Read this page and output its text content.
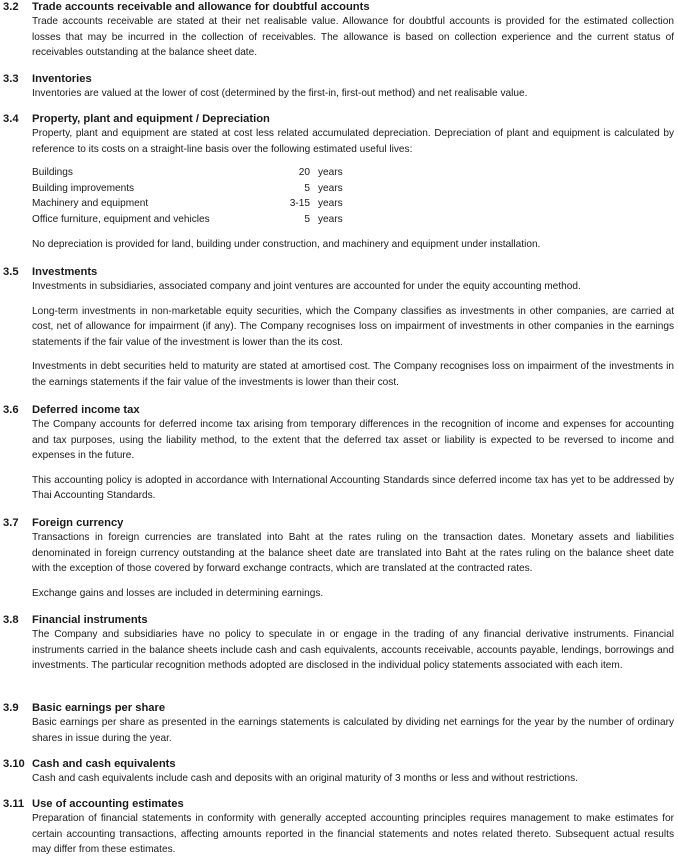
3.2	Trade accounts receivable and allowance for doubtful accounts

Trade accounts receivable are stated at their net realisable value. Allowance for doubtful accounts is provided for the estimated collection losses that may be incurred in the collection of receivables. The allowance is based on collection experience and the current status of receivables outstanding at the balance sheet date.

3.3	Inventories

Inventories are valued at the lower of cost (determined by the first-in, first-out method) and net realisable value.

3.4	Property, plant and equipment / Depreciation

Property, plant and equipment are stated at cost less related accumulated depreciation. Depreciation of plant and equipment is calculated by reference to its costs on a straight-line basis over the following estimated useful lives:

Buildings	20	years
Building improvements	5	years
Machinery and equipment	3-15	years
Office furniture, equipment and vehicles	5	years

No depreciation is provided for land, building under construction, and machinery and equipment under installation.

3.5	Investments

Investments in subsidiaries, associated company and joint ventures are accounted for under the equity accounting method.

Long-term investments in non-marketable equity securities, which the Company classifies as investments in other companies, are carried at cost, net of allowance for impairment (if any). The Company recognises loss on impairment of investments in other companies in the earnings statements if the fair value of the investment is lower than the its cost.

Investments in debt securities held to maturity are stated at amortised cost. The Company recognises loss on impairment of the investments in the earnings statements if the fair value of the investments is lower than their cost.

3.6	Deferred income tax

The Company accounts for deferred income tax arising from temporary differences in the recognition of income and expenses for accounting and tax purposes, using the liability method, to the extent that the deferred tax asset or liability is expected to be reversed to income and expenses in the future.

This accounting policy is adopted in accordance with International Accounting Standards since deferred income tax has yet to be addressed by Thai Accounting Standards.

3.7	Foreign currency

Transactions in foreign currencies are translated into Baht at the rates ruling on the transaction dates. Monetary assets and liabilities denominated in foreign currency outstanding at the balance sheet date are translated into Baht at the rates ruling on the balance sheet date with the exception of those covered by forward exchange contracts, which are translated at the contracted rates.

Exchange gains and losses are included in determining earnings.

3.8	Financial instruments

The Company and subsidiaries have no policy to speculate in or engage in the trading of any financial derivative instruments. Financial instruments carried in the balance sheets include cash and cash equivalents, accounts receivable, accounts payable, lendings, borrowings and investments. The particular recognition methods adopted are disclosed in the individual policy statements associated with each item.

3.9	Basic earnings per share

Basic earnings per share as presented in the earnings statements is calculated by dividing net earnings for the year by the number of ordinary shares in issue during the year.

3.10 Cash and cash equivalents

Cash and cash equivalents include cash and deposits with an original maturity of 3 months or less and without restrictions.

3.11 Use of accounting estimates

Preparation of financial statements in conformity with generally accepted accounting principles requires management to make estimates for certain accounting transactions, affecting amounts reported in the financial statements and notes related thereto. Subsequent actual results may differ from these estimates.
